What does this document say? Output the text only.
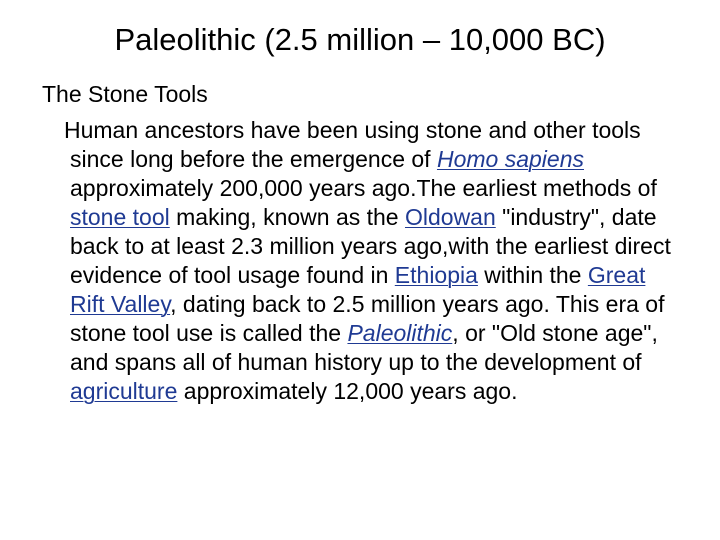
Paleolithic (2.5 million – 10,000 BC)

The Stone Tools

Human ancestors have been using stone and other tools since long before the emergence of Homo sapiens approximately 200,000 years ago.The earliest methods of stone tool making, known as the Oldowan "industry", date back to at least 2.3 million years ago,with the earliest direct evidence of tool usage found in Ethiopia within the Great Rift Valley, dating back to 2.5 million years ago. This era of stone tool use is called the Paleolithic, or "Old stone age", and spans all of human history up to the development of agriculture approximately 12,000 years ago.
